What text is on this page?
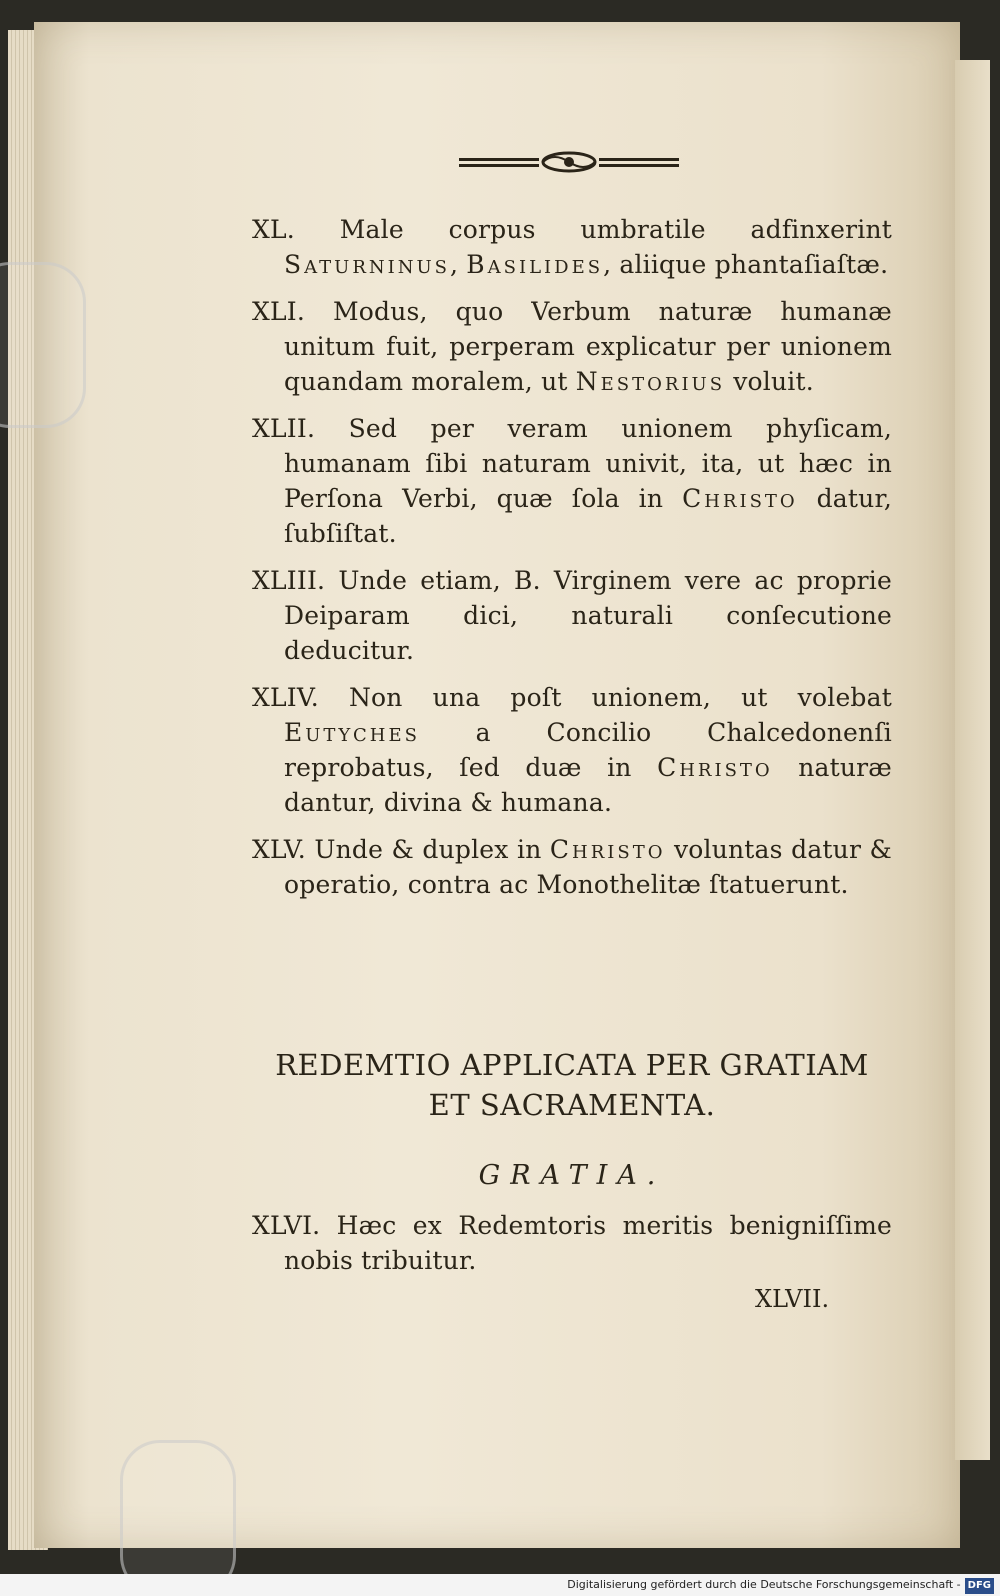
XL. Male corpus umbratile adfinxerint Saturninus, Basilides, aliique phantaſiaſtæ.

XLI. Modus, quo Verbum naturæ humanæ unitum fuit, perperam explicatur per unionem quandam moralem, ut Nestorius voluit.

XLII. Sed per veram unionem phyſicam, humanam ſibi naturam univit, ita, ut hæc in Perſona Verbi, quæ ſola in Christo datur, ſubſiſtat.

XLIII. Unde etiam, B. Virginem vere ac proprie Deiparam dici, naturali conſecutione deducitur.

XLIV. Non una poſt unionem, ut volebat Eutyches a Concilio Chalcedonenſi reprobatus, ſed duæ in Christo naturæ dantur, divina & humana.

XLV. Unde & duplex in Christo voluntas datur & operatio, contra ac Monothelitæ ſtatuerunt.

REDEMTIO APPLICATA PER GRATIAM ET SACRAMENTA.
GRATIA.

XLVI. Hæc ex Redemtoris meritis benigniſſime nobis tribuitur.

XLVII.
Digitalisierung gefördert durch die Deutsche Forschungsgemeinschaft - DFG
